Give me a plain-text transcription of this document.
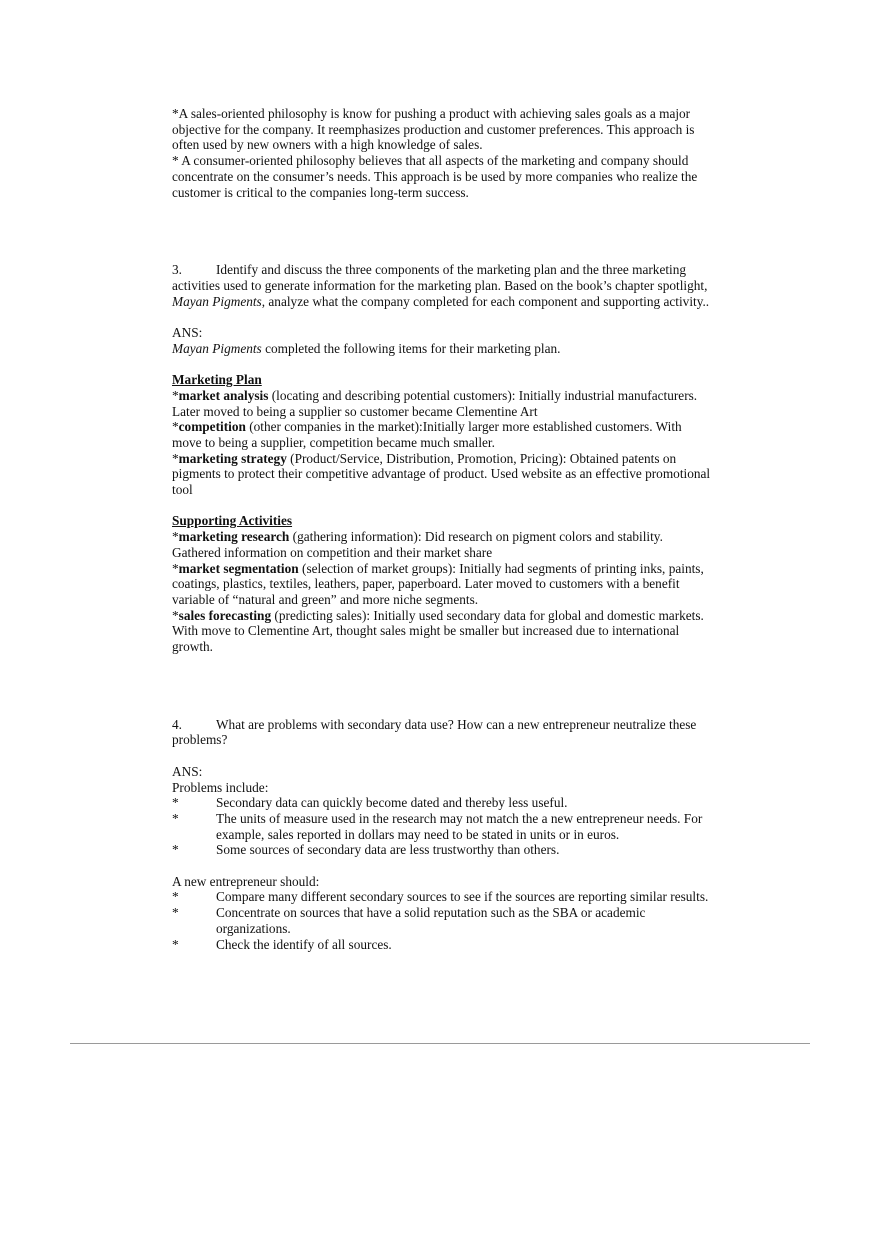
*A sales-oriented philosophy is know for pushing a product with achieving sales goals as a major objective for the company. It reemphasizes production and customer preferences. This approach is often used by new owners with a high knowledge of sales.

* A consumer-oriented philosophy believes that all aspects of the marketing and company should concentrate on the consumer’s needs. This approach is be used by more companies who realize the customer is critical to the companies long-term success.

3.	Identify and discuss the three components of the marketing plan and the three marketing activities used to generate information for the marketing plan. Based on the book’s chapter spotlight, Mayan Pigments, analyze what the company completed for each component and supporting activity..

ANS:

Mayan Pigments completed the following items for their marketing plan.

Marketing Plan

*market analysis (locating and describing potential customers): Initially industrial manufacturers. Later moved to being a supplier so customer became Clementine Art

*competition (other companies in the market):Initially larger more established customers. With move to being a supplier, competition became much smaller.

*marketing strategy (Product/Service, Distribution, Promotion, Pricing): Obtained patents on pigments to protect their competitive advantage of product. Used website as an effective promotional tool

Supporting Activities

*marketing research (gathering information): Did research on pigment colors and stability. Gathered information on competition and their market share

*market segmentation (selection of market groups): Initially had segments of printing inks, paints, coatings, plastics, textiles, leathers, paper, paperboard. Later moved to customers with a benefit variable of “natural and green” and more niche segments.

*sales forecasting (predicting sales): Initially used secondary data for global and domestic markets. With move to Clementine Art, thought sales might be smaller but increased due to international growth.

4.	What are problems with secondary data use? How can a new entrepreneur neutralize these problems?

ANS:

Problems include:

*	Secondary data can quickly become dated and thereby less useful.
*	The units of measure used in the research may not match the a new entrepreneur needs. For example, sales reported in dollars may need to be stated in units or in euros.
*	Some sources of secondary data are less trustworthy than others.

A new entrepreneur should:

*	Compare many different secondary sources to see if the sources are reporting similar results.
*	Concentrate on sources that have a solid reputation such as the SBA or academic organizations.
*	Check the identify of all sources.
